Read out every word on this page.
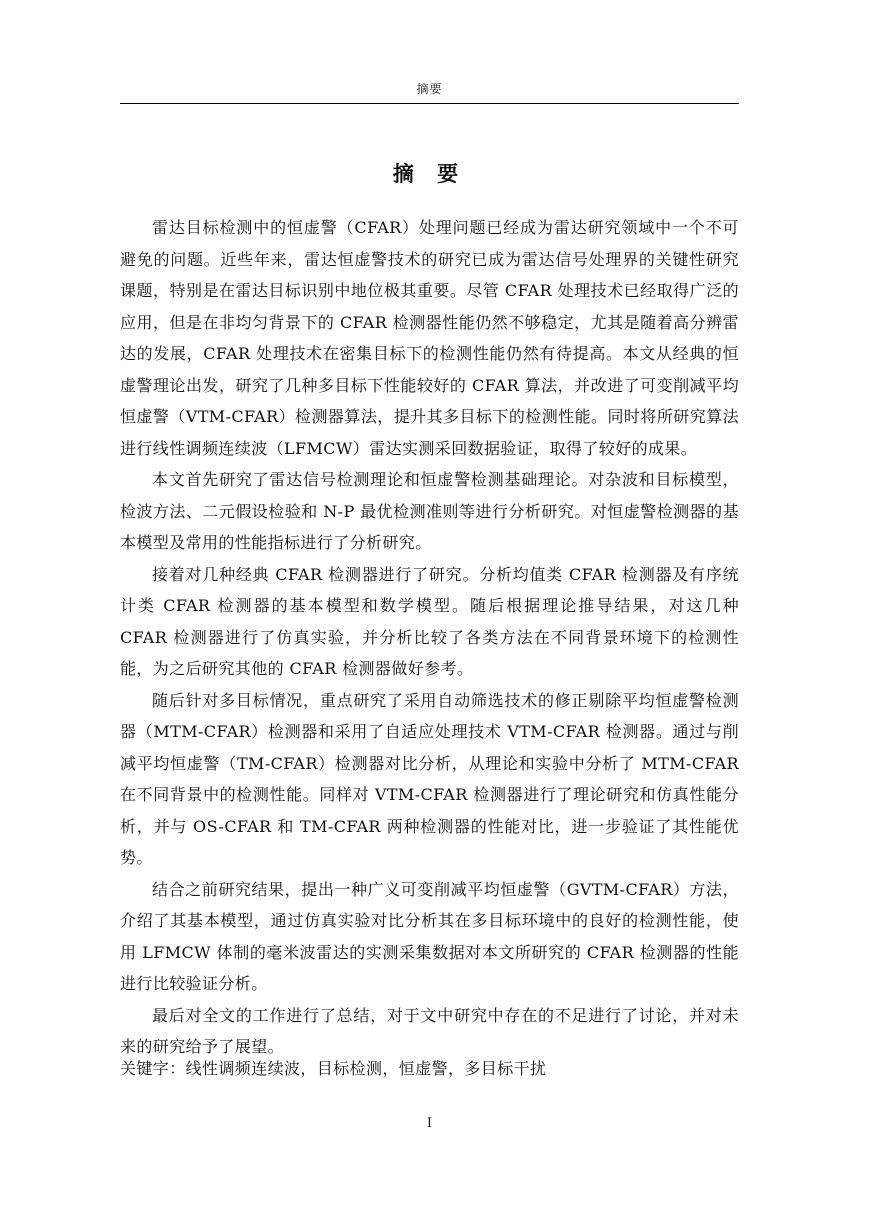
摘要
摘 要

雷达目标检测中的恒虚警（CFAR）处理问题已经成为雷达研究领域中一个不可避免的问题。近些年来，雷达恒虚警技术的研究已成为雷达信号处理界的关键性研究课题，特别是在雷达目标识别中地位极其重要。尽管 CFAR 处理技术已经取得广泛的应用，但是在非均匀背景下的 CFAR 检测器性能仍然不够稳定，尤其是随着高分辨雷达的发展，CFAR 处理技术在密集目标下的检测性能仍然有待提高。本文从经典的恒虚警理论出发，研究了几种多目标下性能较好的 CFAR 算法，并改进了可变削减平均恒虚警（VTM-CFAR）检测器算法，提升其多目标下的检测性能。同时将所研究算法进行线性调频连续波（LFMCW）雷达实测采回数据验证，取得了较好的成果。

本文首先研究了雷达信号检测理论和恒虚警检测基础理论。对杂波和目标模型，检波方法、二元假设检验和 N-P 最优检测准则等进行分析研究。对恒虚警检测器的基本模型及常用的性能指标进行了分析研究。

接着对几种经典 CFAR 检测器进行了研究。分析均值类 CFAR 检测器及有序统计类 CFAR 检测器的基本模型和数学模型。随后根据理论推导结果，对这几种 CFAR 检测器进行了仿真实验，并分析比较了各类方法在不同背景环境下的检测性能，为之后研究其他的 CFAR 检测器做好参考。

随后针对多目标情况，重点研究了采用自动筛选技术的修正剔除平均恒虚警检测器（MTM-CFAR）检测器和采用了自适应处理技术 VTM-CFAR 检测器。通过与削减平均恒虚警（TM-CFAR）检测器对比分析，从理论和实验中分析了 MTM-CFAR 在不同背景中的检测性能。同样对 VTM-CFAR 检测器进行了理论研究和仿真性能分析，并与 OS-CFAR 和 TM-CFAR 两种检测器的性能对比，进一步验证了其性能优势。

结合之前研究结果，提出一种广义可变削减平均恒虚警（GVTM-CFAR）方法，介绍了其基本模型，通过仿真实验对比分析其在多目标环境中的良好的检测性能，使用 LFMCW 体制的毫米波雷达的实测采集数据对本文所研究的 CFAR 检测器的性能进行比较验证分析。

最后对全文的工作进行了总结，对于文中研究中存在的不足进行了讨论，并对未来的研究给予了展望。

关键字：线性调频连续波，目标检测，恒虚警，多目标干扰
I
